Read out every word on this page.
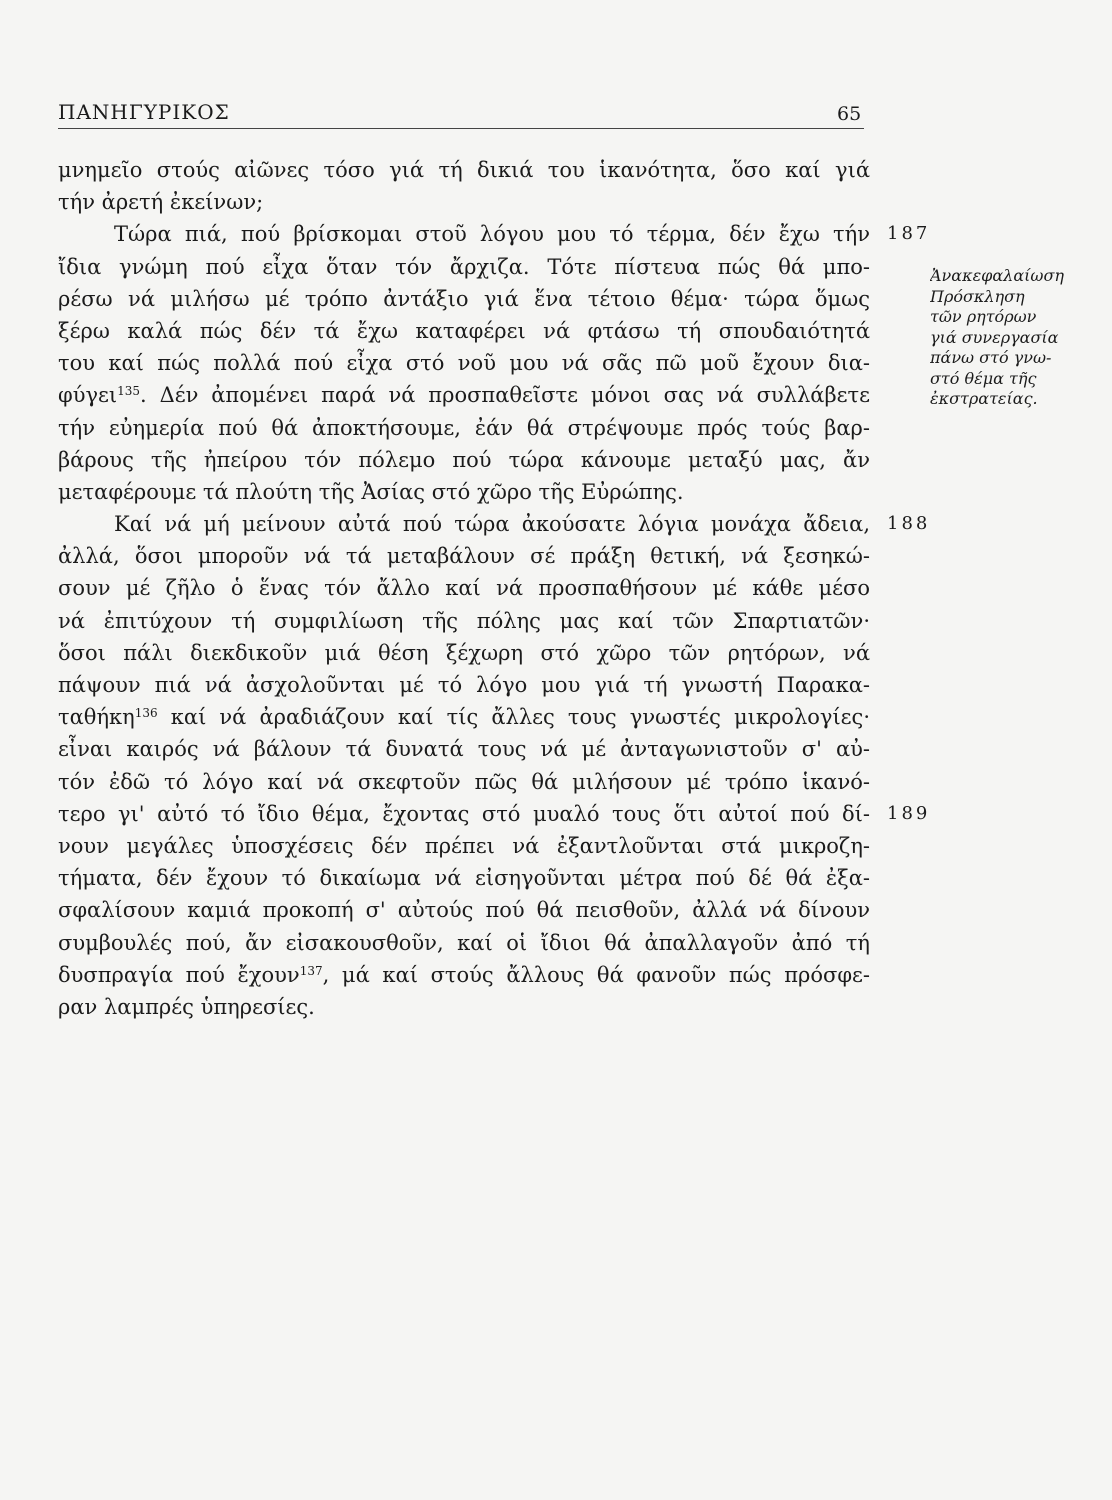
ΠΑΝΗΓΥΡΙΚΟΣ	65
μνημεῖο στούς αἰῶνες τόσο γιά τή δικιά του ἱκανότητα, ὅσο καί γιά
τήν ἀρετή ἐκείνων;
Τώρα πιά, πού βρίσκομαι στοῦ λόγου μου τό τέρμα, δέν ἔχω τήν
ἴδια γνώμη πού εἶχα ὅταν τόν ἄρχιζα. Τότε πίστευα πώς θά μπο-
ρέσω νά μιλήσω μέ τρόπο ἀντάξιο γιά ἕνα τέτοιο θέμα· τώρα ὅμως
ξέρω καλά πώς δέν τά ἔχω καταφέρει νά φτάσω τή σπουδαιότητά
του καί πώς πολλά πού εἶχα στό νοῦ μου νά σᾶς πῶ μοῦ ἔχουν δια-
φύγει$^{135}$. Δέν ἀπομένει παρά νά προσπαθεῖστε μόνοι σας νά συλλάβετε
τήν εὐημερία πού θά ἀποκτήσουμε, ἐάν θά στρέψουμε πρός τούς βαρ-
βάρους τῆς ἠπείρου τόν πόλεμο πού τώρα κάνουμε μεταξύ μας, ἄν
μεταφέρουμε τά πλούτη τῆς Ἀσίας στό χῶρο τῆς Εὐρώπης.
Καί νά μή μείνουν αὐτά πού τώρα ἀκούσατε λόγια μονάχα ἄδεια,
ἀλλά, ὅσοι μποροῦν νά τά μεταβάλουν σέ πράξη θετική, νά ξεσηκώ-
σουν μέ ζῆλο ὁ ἕνας τόν ἄλλο καί νά προσπαθήσουν μέ κάθε μέσο
νά ἐπιτύχουν τή συμφιλίωση τῆς πόλης μας καί τῶν Σπαρτιατῶν·
ὅσοι πάλι διεκδικοῦν μιά θέση ξέχωρη στό χῶρο τῶν ρητόρων, νά
πάψουν πιά νά ἀσχολοῦνται μέ τό λόγο μου γιά τή γνωστή Παρακα-
ταθήκη$^{136}$ καί νά ἀραδιάζουν καί τίς ἄλλες τους γνωστές μικρολογίες·
εἶναι καιρός νά βάλουν τά δυνατά τους νά μέ ἀνταγωνιστοῦν σ' αὐ-
τόν ἐδῶ τό λόγο καί νά σκεφτοῦν πῶς θά μιλήσουν μέ τρόπο ἱκανό-
τερο γι' αὐτό τό ἴδιο θέμα, ἔχοντας στό μυαλό τους ὅτι αὐτοί πού δί-
νουν μεγάλες ὑποσχέσεις δέν πρέπει νά ἐξαντλοῦνται στά μικροζη-
τήματα, δέν ἔχουν τό δικαίωμα νά εἰσηγοῦνται μέτρα πού δέ θά ἐξα-
σφαλίσουν καμιά προκοπή σ' αὐτούς πού θά πεισθοῦν, ἀλλά νά δίνουν
συμβουλές πού, ἄν εἰσακουσθοῦν, καί οἱ ἴδιοι θά ἀπαλλαγοῦν ἀπό τή
δυσπραγία πού ἔχουν$^{137}$, μά καί στούς ἄλλους θά φανοῦν πώς πρόσφε-
ραν λαμπρές ὑπηρεσίες.
Ἀνακεφαλαίωση
Πρόσκληση
τῶν ρητόρων
γιά συνεργασία
πάνω στό γνω-
στό θέμα τῆς
ἐκστρατείας.
187
188
189
